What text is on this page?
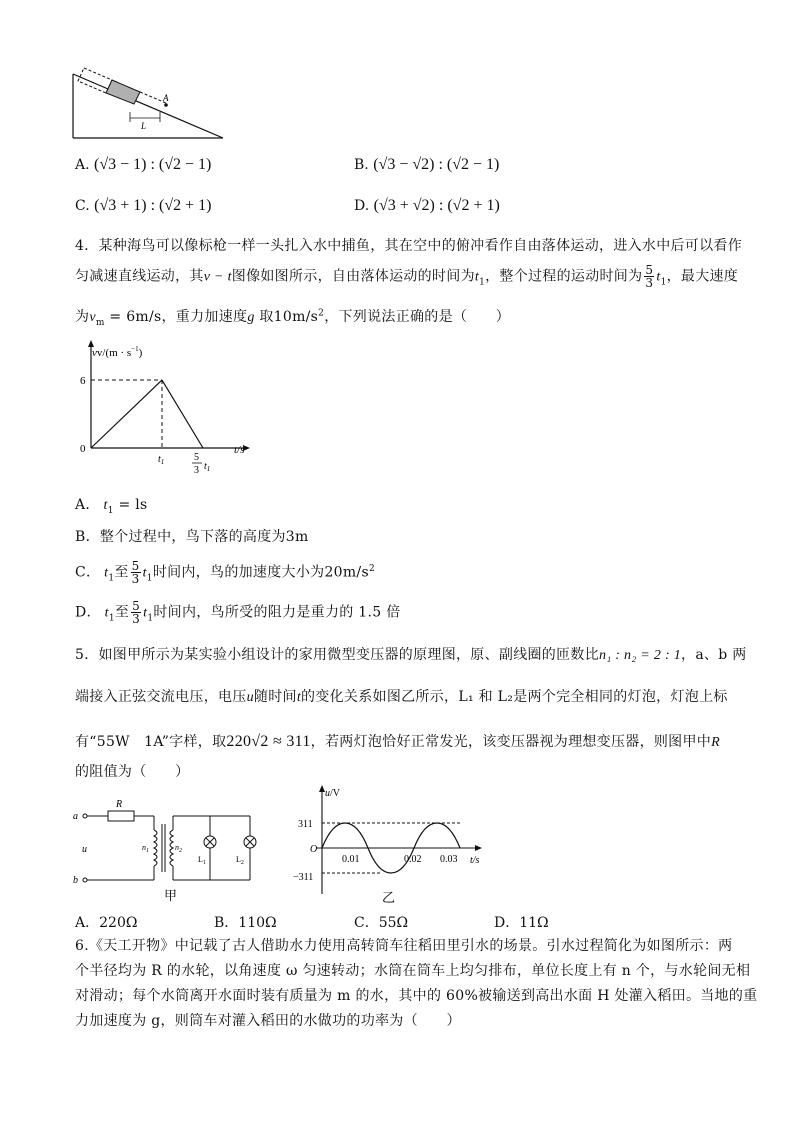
A
L
A. (√3 − 1) : (√2 − 1)	B. (√3 − √2) : (√2 − 1)
C. (√3 + 1) : (√2 + 1)	D. (√3 + √2) : (√2 + 1)
4．某种海鸟可以像标枪一样一头扎入水中捕鱼，其在空中的俯冲看作自由落体运动，进入水中后可以看作
匀减速直线运动，其v − t图像如图所示，自由落体运动的时间为$t_1$，整个过程的运动时间为 $\frac{5}{3} t_1$，最大速度
为$v_m = 6m/s$，重力加速度g 取$10m/s^2$，下列说法正确的是（　　）
$vv/(m \cdot s^{-1})$
t/s
6
0
$t_1$	5
3 $t_1$
A． $t_1$ = ls
B．整个过程中，鸟下落的高度为3m
C． $t_1$至 $\frac{5}{3} t_1$时间内，鸟的加速度大小为$20m/s^2$
D． $t_1$至 $\frac{5}{3} t_1$时间内，鸟所受的阻力是重力的 1.5 倍
5．如图甲所示为某实验小组设计的家用微型变压器的原理图，原、副线圈的匝数比n₁ : n₂ = 2 : 1，a、b 两
端接入正弦交流电压，电压u随时间t的变化关系如图乙所示，L₁ 和 L₂是两个完全相同的灯泡，灯泡上标
有“55W　1A”字样，取220√2 ≈ 311，若两灯泡恰好正常发光，该变压器视为理想变压器，则图甲中R
的阻值为（　　）
a
b
u
R
$n_1$	$n_2$
$L_1$	$L_2$
甲
u/V
t/s
311
−311
O
0.01	0.02 0.03
乙
A．220Ω	B．110Ω	C．55Ω	D．11Ω
6.《天工开物》中记载了古人借助水力使用高转筒车往稻田里引水的场景。引水过程简化为如图所示：两
个半径均为 R 的水轮，以角速度 ω 匀速转动；水筒在筒车上均匀排布，单位长度上有 n 个，与水轮间无相
对滑动；每个水筒离开水面时装有质量为 m 的水，其中的 60%被输送到高出水面 H 处灌入稻田。当地的重
力加速度为 g，则筒车对灌入稻田的水做功的功率为（　　）
